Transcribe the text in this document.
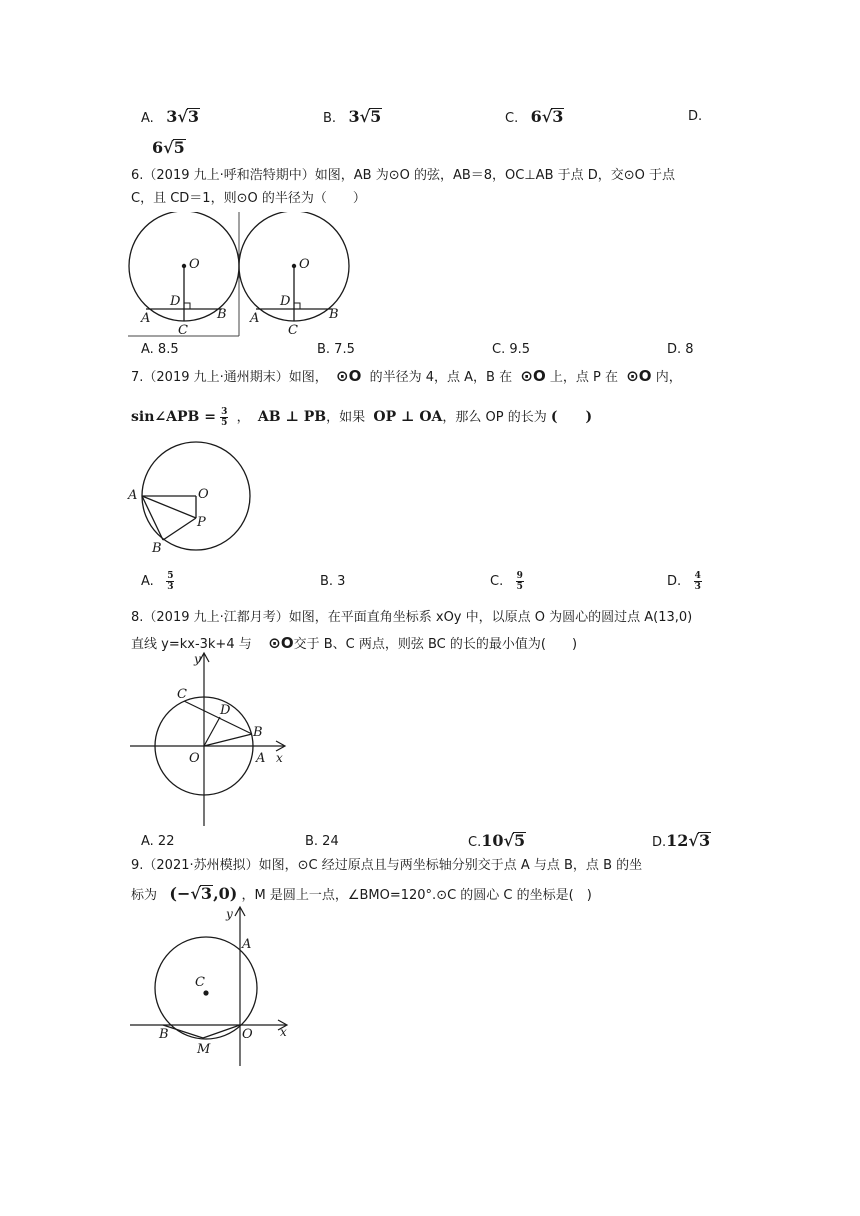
A. 3√3	B. 3√5	C. 6√3	D.
6√5
6.（2019 九上·呼和浩特期中）如图，AB 为⊙O 的弦，AB＝8，OC⊥AB 于点 D，交⊙O 于点
C，且 CD＝1，则⊙O 的半径为（　　）
O
D
A	B
C
O
D
A	B
C
A. 8.5	B. 7.5	C. 9.5	D. 8
7.（2019 九上·通州期末）如图， ⊙O 的半径为 4，点 A，B 在 ⊙O 上，点 P 在 ⊙O 内，
sin∠APB = $\frac{3}{5}$ ，  AB ⊥ PB，如果 OP ⊥ OA，那么 OP 的长为 (　　)
A	O
P
B
A. $\frac{5}{3}$	B. 3	C. $\frac{9}{5}$	D. $\frac{4}{3}$
8.（2019 九上·江都月考）如图，在平面直角坐标系 xOy 中，以原点 O 为圆心的圆过点 A(13,0)
直线 y=kx-3k+4 与 ⊙O交于 B、C 两点，则弦 BC 的长的最小值为(　　)
y
C
D
B
O	A x
A. 22	B. 24	C.10√5	D.12√3
9.（2021·苏州模拟）如图，⊙C 经过原点且与两坐标轴分别交于点 A 与点 B，点 B 的坐
标为 (−√3,0) ，M 是圆上一点，∠BMO=120°.⊙C 的圆心 C 的坐标是(　)
y
A
C
B	O
M
x
